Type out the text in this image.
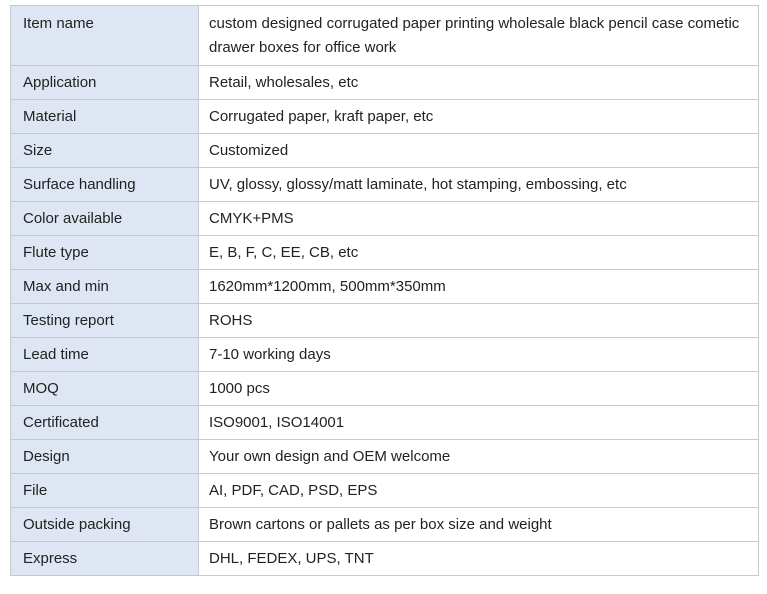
Item name	custom designed corrugated paper printing wholesale black pencil case cometic drawer boxes for office work
Application	Retail, wholesales, etc
Material	Corrugated paper, kraft paper, etc
Size	Customized
Surface handling	UV, glossy, glossy/matt laminate, hot stamping, embossing, etc
Color available	CMYK+PMS
Flute type	E, B, F, C, EE, CB, etc
Max and min	1620mm*1200mm, 500mm*350mm
Testing report	ROHS
Lead time	7-10 working days
MOQ	1000 pcs
Certificated	ISO9001, ISO14001
Design	Your own design and OEM welcome
File	AI, PDF, CAD, PSD, EPS
Outside packing	Brown cartons or pallets as per box size and weight
Express	DHL, FEDEX, UPS, TNT
